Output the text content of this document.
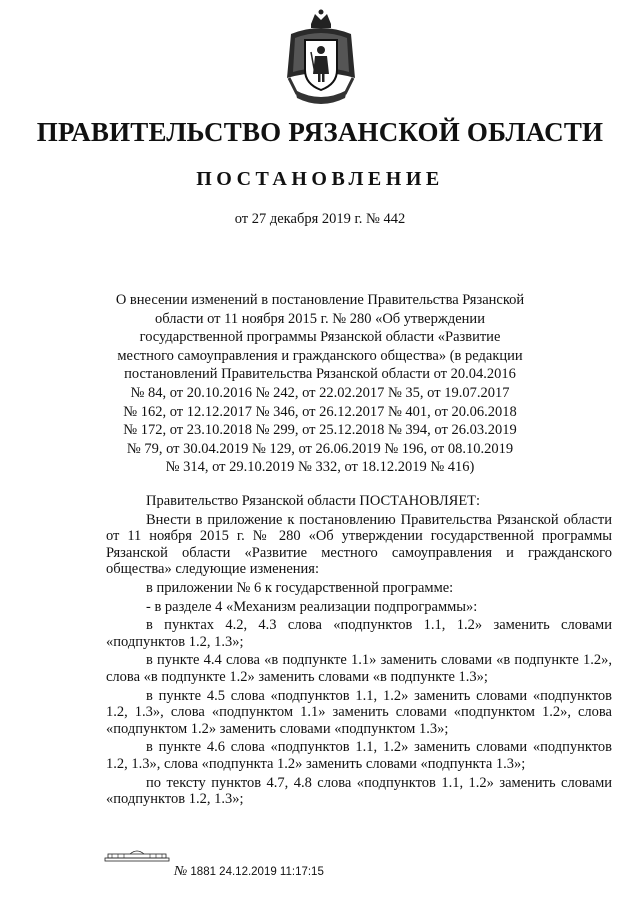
ПРАВИТЕЛЬСТВО РЯЗАНСКОЙ ОБЛАСТИ
ПОСТАНОВЛЕНИЕ
от 27 декабря 2019 г. № 442
О внесении изменений в постановление Правительства Рязанской
области от 11 ноября 2015 г. № 280 «Об утверждении
государственной программы Рязанской области «Развитие
местного самоуправления и гражданского общества» (в редакции
постановлений Правительства Рязанской области от 20.04.2016
№ 84, от 20.10.2016 № 242, от 22.02.2017 № 35, от 19.07.2017
№ 162, от 12.12.2017 № 346, от 26.12.2017 № 401, от 20.06.2018
№ 172, от 23.10.2018 № 299, от 25.12.2018 № 394, от 26.03.2019
№ 79, от 30.04.2019 № 129, от 26.06.2019 № 196, от 08.10.2019
№ 314, от 29.10.2019 № 332, от 18.12.2019 № 416)

Правительство Рязанской области ПОСТАНОВЛЯЕТ:

Внести в приложение к постановлению Правительства Рязанской области от 11 ноября 2015 г. № 280 «Об утверждении государственной программы Рязанской области «Развитие местного самоуправления и гражданского общества» следующие изменения:

в приложении № 6 к государственной программе:

- в разделе 4 «Механизм реализации подпрограммы»:

в пунктах 4.2, 4.3 слова «подпунктов 1.1, 1.2» заменить словами «подпунктов 1.2, 1.3»;

в пункте 4.4 слова «в подпункте 1.1» заменить словами «в подпункте 1.2», слова «в подпункте 1.2» заменить словами «в подпункте 1.3»;

в пункте 4.5 слова «подпунктов 1.1, 1.2» заменить словами «подпунктов 1.2, 1.3», слова «подпунктом 1.1» заменить словами «подпунктом 1.2», слова «подпунктом 1.2» заменить словами «подпунктом 1.3»;

в пункте 4.6 слова «подпунктов 1.1, 1.2» заменить словами «подпунктов 1.2, 1.3», слова «подпункта 1.2» заменить словами «подпункта 1.3»;

по тексту пунктов 4.7, 4.8 слова «подпунктов 1.1, 1.2» заменить словами «подпунктов 1.2, 1.3»;

№ 1881 24.12.2019 11:17:15
